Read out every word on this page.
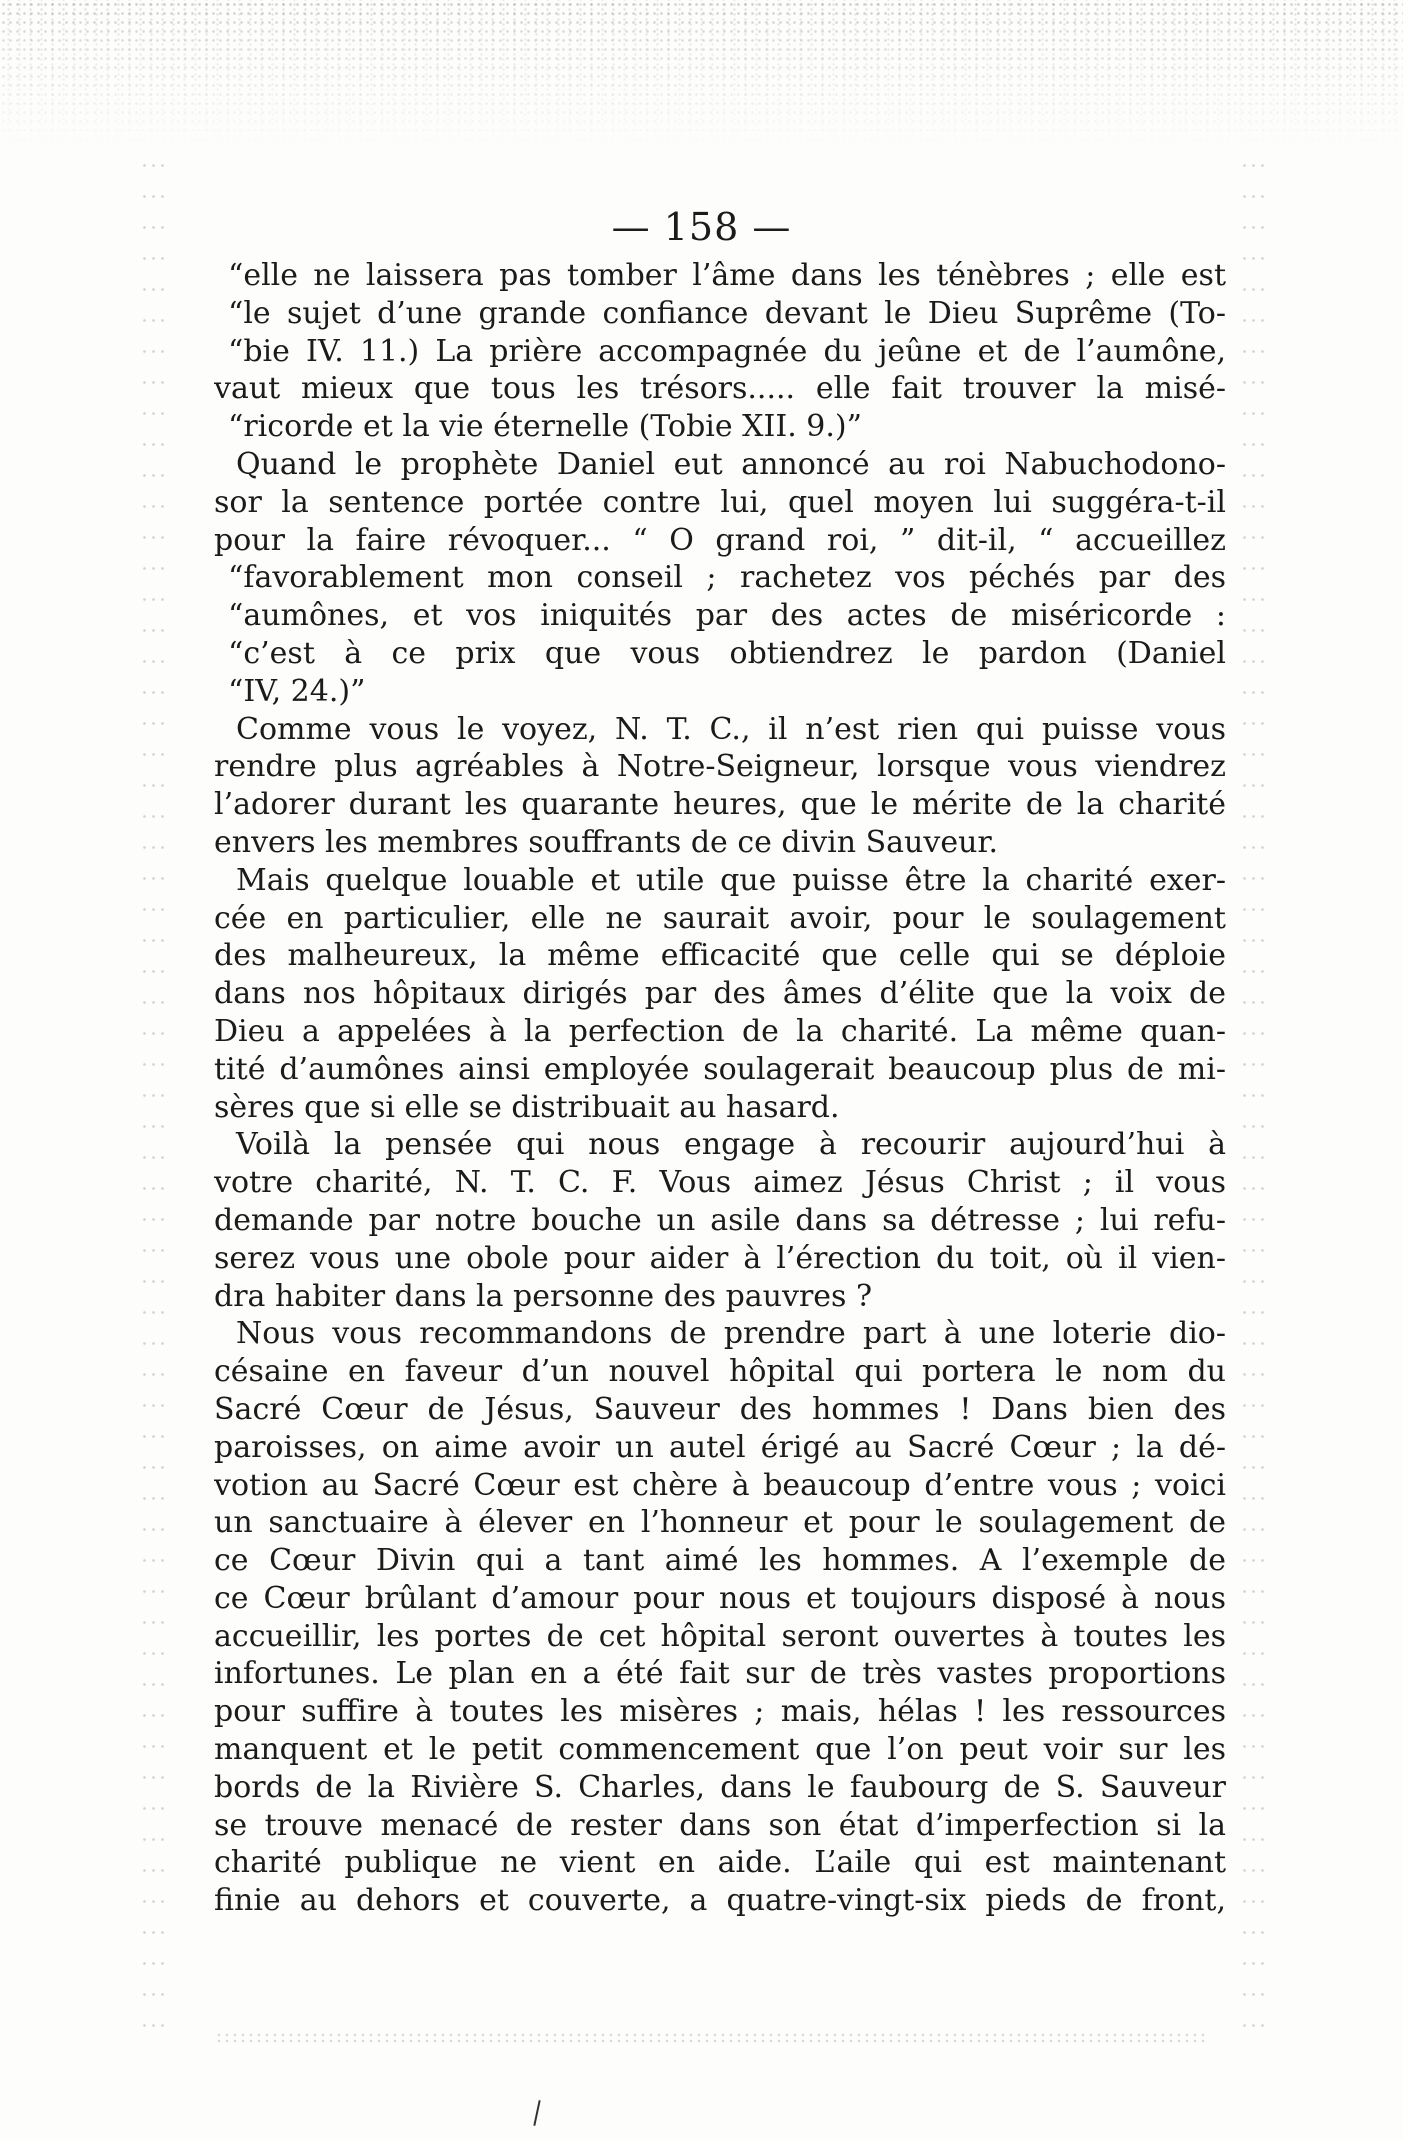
— 158 —
“elle ne laissera pas tomber l’âme dans les ténèbres ; elle est
“le sujet d’une grande confiance devant le Dieu Suprême (To-
“bie IV. 11.) La prière accompagnée du jeûne et de l’aumône,
vaut mieux que tous les trésors..... elle fait trouver la misé-
“ricorde et la vie éternelle (Tobie XII. 9.)”
Quand le prophète Daniel eut annoncé au roi Nabuchodono-
sor la sentence portée contre lui, quel moyen lui suggéra-t-il
pour la faire révoquer... “ O grand roi, ” dit-il, “ accueillez
“favorablement mon conseil ; rachetez vos péchés par des
“aumônes, et vos iniquités par des actes de miséricorde :
“c’est à ce prix que vous obtiendrez le pardon (Daniel
“IV, 24.)”
Comme vous le voyez, N. T. C., il n’est rien qui puisse vous
rendre plus agréables à Notre-Seigneur, lorsque vous viendrez
l’adorer durant les quarante heures, que le mérite de la charité
envers les membres souffrants de ce divin Sauveur.
Mais quelque louable et utile que puisse être la charité exer-
cée en particulier, elle ne saurait avoir, pour le soulagement
des malheureux, la même efficacité que celle qui se déploie
dans nos hôpitaux dirigés par des âmes d’élite que la voix de
Dieu a appelées à la perfection de la charité. La même quan-
tité d’aumônes ainsi employée soulagerait beaucoup plus de mi-
sères que si elle se distribuait au hasard.
Voilà la pensée qui nous engage à recourir aujourd’hui à
votre charité, N. T. C. F. Vous aimez Jésus Christ ; il vous
demande par notre bouche un asile dans sa détresse ; lui refu-
serez vous une obole pour aider à l’érection du toit, où il vien-
dra habiter dans la personne des pauvres ?
Nous vous recommandons de prendre part à une loterie dio-
césaine en faveur d’un nouvel hôpital qui portera le nom du
Sacré Cœur de Jésus, Sauveur des hommes ! Dans bien des
paroisses, on aime avoir un autel érigé au Sacré Cœur ; la dé-
votion au Sacré Cœur est chère à beaucoup d’entre vous ; voici
un sanctuaire à élever en l’honneur et pour le soulagement de
ce Cœur Divin qui a tant aimé les hommes. A l’exemple de
ce Cœur brûlant d’amour pour nous et toujours disposé à nous
accueillir, les portes de cet hôpital seront ouvertes à toutes les
infortunes. Le plan en a été fait sur de très vastes proportions
pour suffire à toutes les misères ; mais, hélas ! les ressources
manquent et le petit commencement que l’on peut voir sur les
bords de la Rivière S. Charles, dans le faubourg de S. Sauveur
se trouve menacé de rester dans son état d’imperfection si la
charité publique ne vient en aide. L’aile qui est maintenant
finie au dehors et couverte, a quatre-vingt-six pieds de front,
